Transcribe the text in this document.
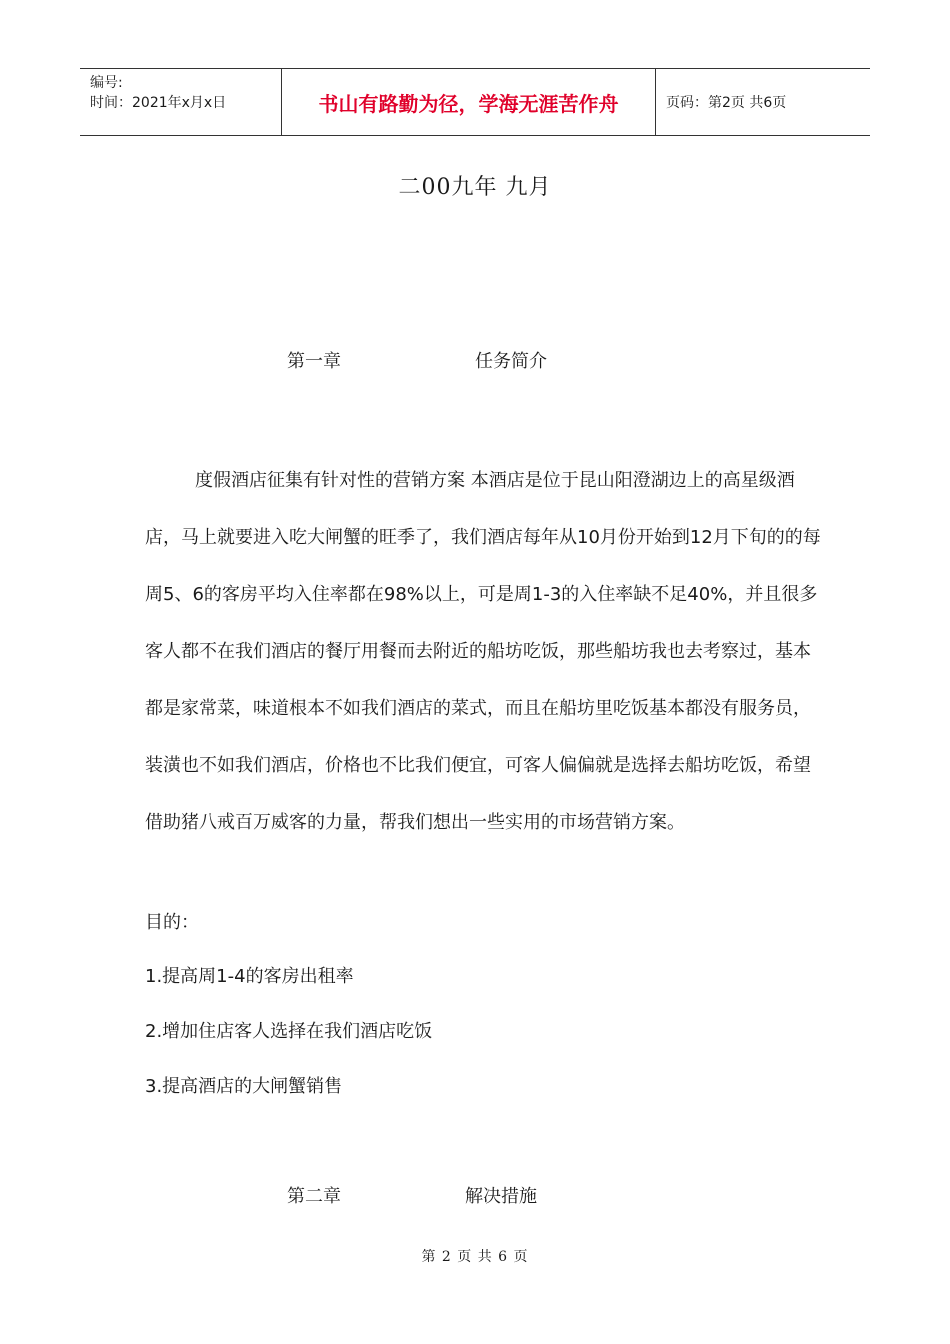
编号:
时间：2021年x月x日	书山有路勤为径，学海无涯苦作舟	页码：第2页 共6页
二00九年 九月
第一章	任务简介
度假酒店征集有针对性的营销方案 本酒店是位于昆山阳澄湖边上的高星级酒店，马上就要进入吃大闸蟹的旺季了，我们酒店每年从10月份开始到12月下旬的的每周5、6的客房平均入住率都在98%以上，可是周1-3的入住率缺不足40%，并且很多客人都不在我们酒店的餐厅用餐而去附近的船坊吃饭，那些船坊我也去考察过，基本都是家常菜，味道根本不如我们酒店的菜式，而且在船坊里吃饭基本都没有服务员，装潢也不如我们酒店，价格也不比我们便宜，可客人偏偏就是选择去船坊吃饭，希望借助猪八戒百万威客的力量，帮我们想出一些实用的市场营销方案。
目的：
1.提高周1-4的客房出租率
2.增加住店客人选择在我们酒店吃饭
3.提高酒店的大闸蟹销售
第二章	解决措施
第 2 页 共 6 页
